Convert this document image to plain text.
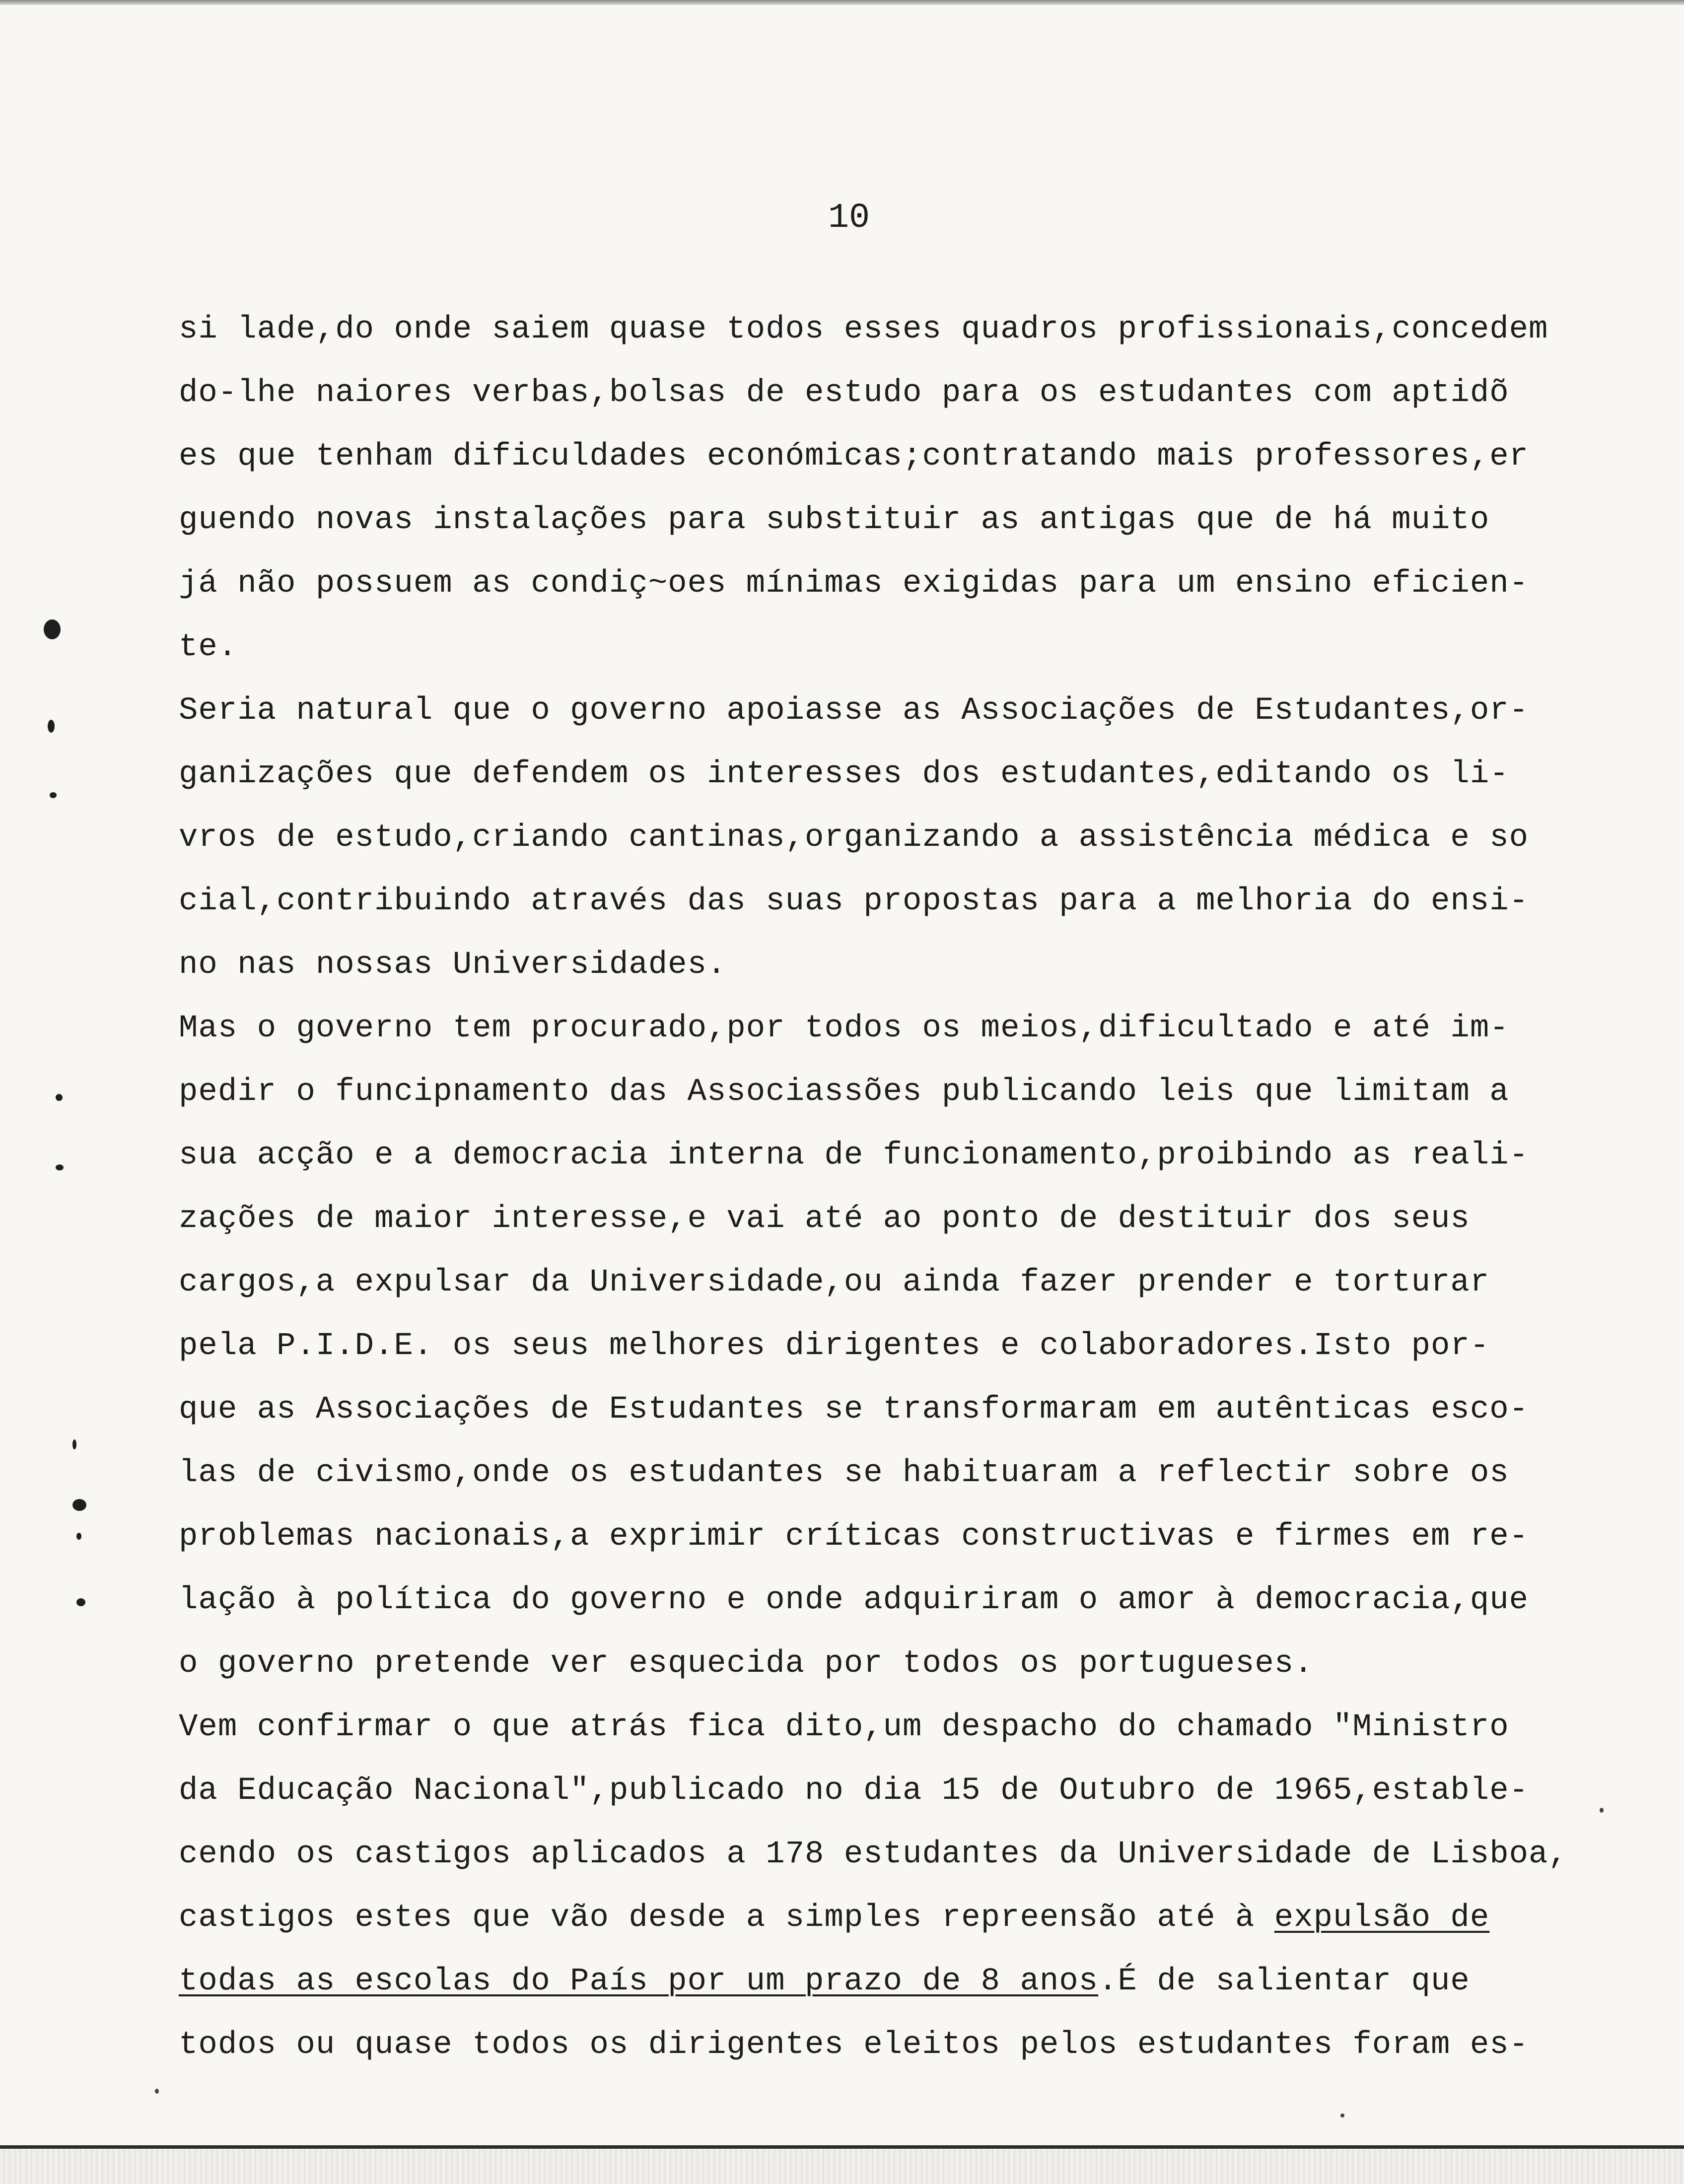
10
si lade,do onde saiem quase todos esses quadros profissionais,concedem
do-lhe naiores verbas,bolsas de estudo para os estudantes com aptidõ
es que tenham dificuldades económicas;contratando mais professores,er
guendo novas instalações para substituir as antigas que de há muito
já não possuem as condiç~oes mínimas exigidas para um ensino eficien-
te.
Seria natural que o governo apoiasse as Associações de Estudantes,or-
ganizações que defendem os interesses dos estudantes,editando os li-
vros de estudo,criando cantinas,organizando a assistência médica e so
cial,contribuindo através das suas propostas para a melhoria do ensi-
no nas nossas Universidades.
Mas o governo tem procurado,por todos os meios,dificultado e até im-
pedir o funcipnamento das Associassões publicando leis que limitam a
sua acção e a democracia interna de funcionamento,proibindo as reali-
zações de maior interesse,e vai até ao ponto de destituir dos seus
cargos,a expulsar da Universidade,ou ainda fazer prender e torturar
pela P.I.D.E. os seus melhores dirigentes e colaboradores.Isto por-
que as Associações de Estudantes se transformaram em autênticas esco-
las de civismo,onde os estudantes se habituaram a reflectir sobre os
problemas nacionais,a exprimir críticas constructivas e firmes em re-
lação à política do governo e onde adquiriram o amor à democracia,que
o governo pretende ver esquecida por todos os portugueses.
Vem confirmar o que atrás fica dito,um despacho do chamado "Ministro
da Educação Nacional",publicado no dia 15 de Outubro de 1965,estable-
cendo os castigos aplicados a 178 estudantes da Universidade de Lisboa,
castigos estes que vão desde a simples repreensão até à expulsão de
todas as escolas do País por um prazo de 8 anos.É de salientar que
todos ou quase todos os dirigentes eleitos pelos estudantes foram es-
